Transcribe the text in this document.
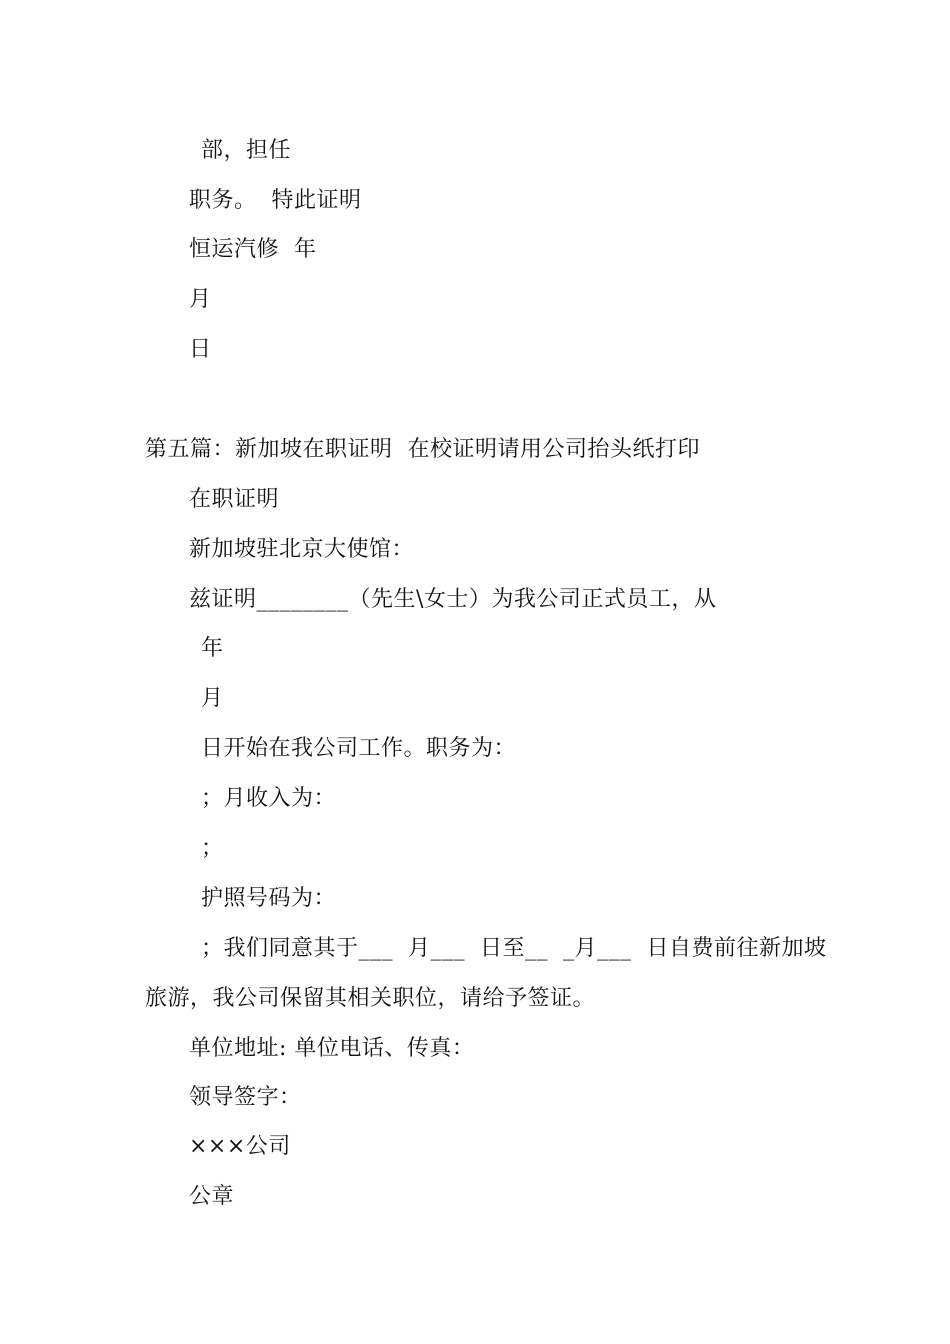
部，担任
职务。  特此证明
恒运汽修  年
月
日
第五篇：新加坡在职证明  在校证明请用公司抬头纸打印
在职证明
新加坡驻北京大使馆：
兹证明________（先生\女士）为我公司正式员工，从
年
月
日开始在我公司工作。职务为：
；月收入为：
；
护照号码为：
；我们同意其于___  月___  日至__  _月___  日自费前往新加坡
旅游，我公司保留其相关职位，请给予签证。
单位地址: 单位电话、传真：
领导签字：
×××公司
公章
